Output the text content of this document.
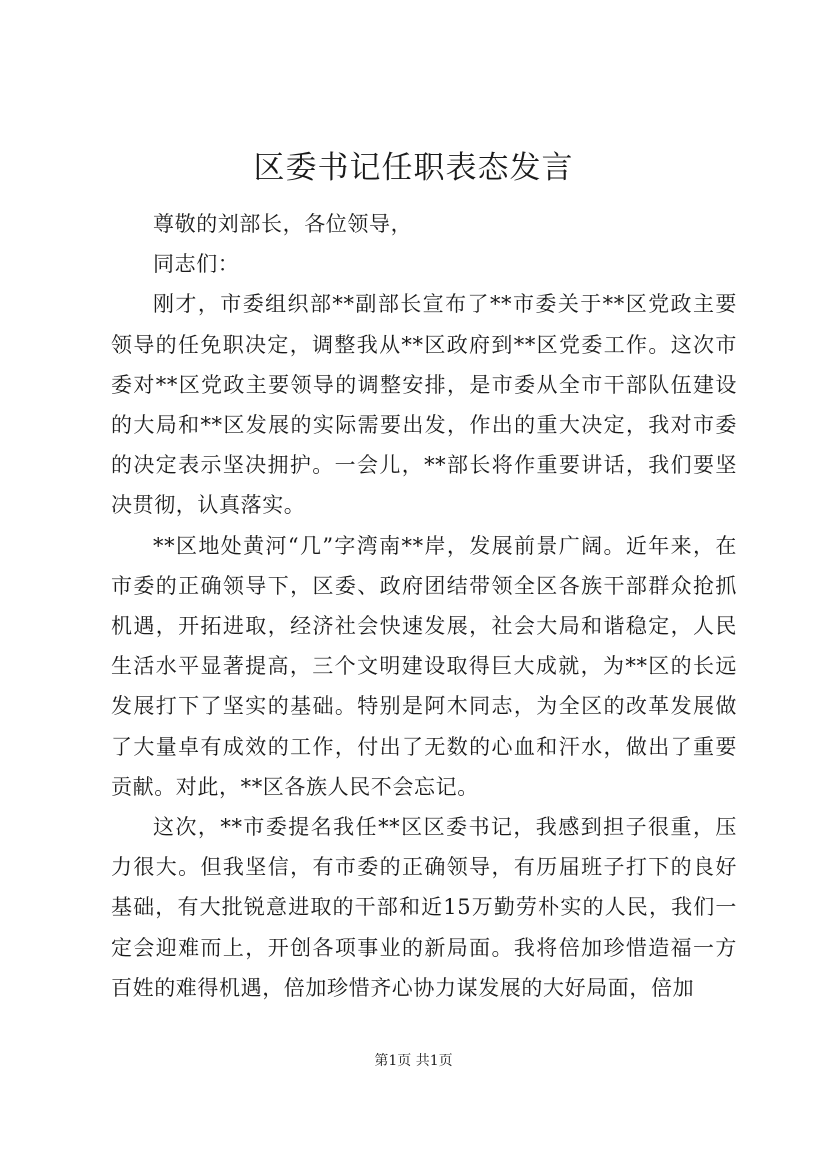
区委书记任职表态发言

尊敬的刘部长，各位领导，

同志们：

刚才，市委组织部**副部长宣布了**市委关于**区党政主要领导的任免职决定，调整我从**区政府到**区党委工作。这次市委对**区党政主要领导的调整安排，是市委从全市干部队伍建设的大局和**区发展的实际需要出发，作出的重大决定，我对市委的决定表示坚决拥护。一会儿，**部长将作重要讲话，我们要坚决贯彻，认真落实。

**区地处黄河“几”字湾南**岸，发展前景广阔。近年来，在市委的正确领导下，区委、政府团结带领全区各族干部群众抢抓机遇，开拓进取，经济社会快速发展，社会大局和谐稳定，人民生活水平显著提高，三个文明建设取得巨大成就，为**区的长远发展打下了坚实的基础。特别是阿木同志，为全区的改革发展做了大量卓有成效的工作，付出了无数的心血和汗水，做出了重要贡献。对此，**区各族人民不会忘记。

这次，**市委提名我任**区区委书记，我感到担子很重，压力很大。但我坚信，有市委的正确领导，有历届班子打下的良好基础，有大批锐意进取的干部和近15万勤劳朴实的人民，我们一定会迎难而上，开创各项事业的新局面。我将倍加珍惜造福一方百姓的难得机遇，倍加珍惜齐心协力谋发展的大好局面，倍加

第1页 共1页
